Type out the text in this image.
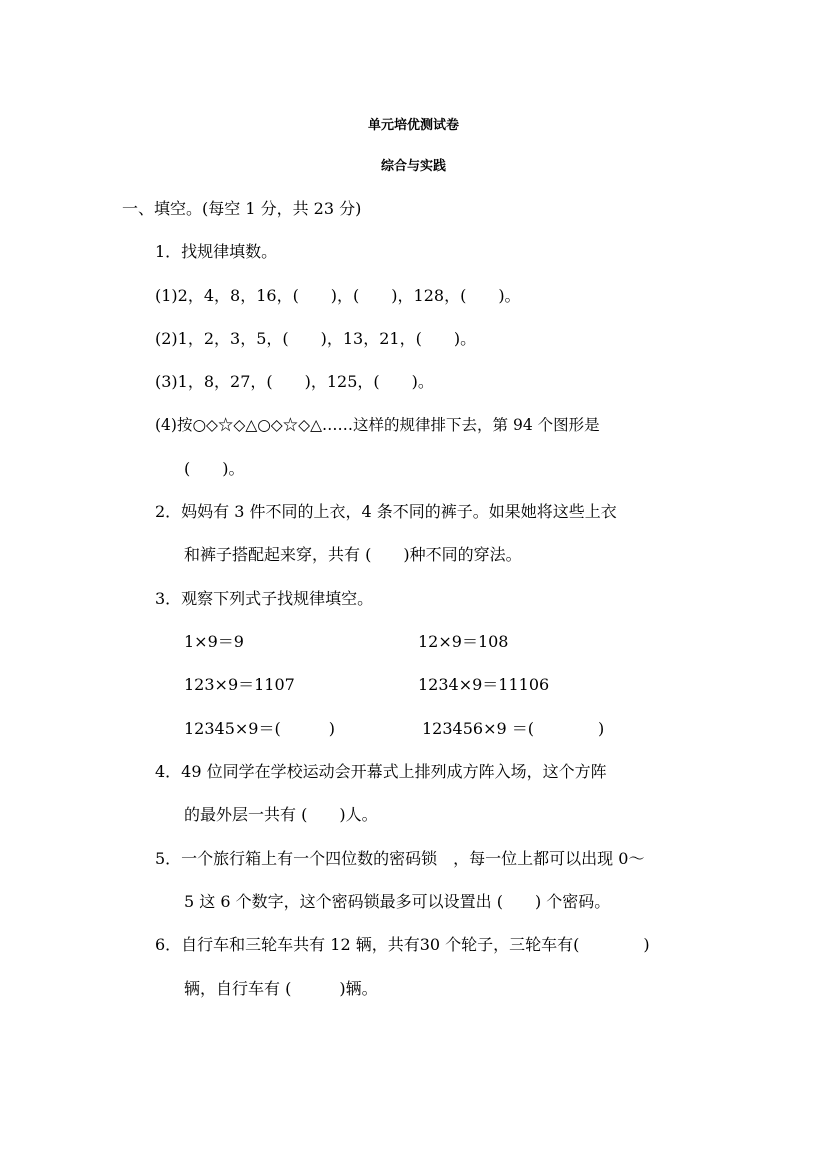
单元培优测试卷
综合与实践
一、填空。(每空 1 分，共 23 分)
1．找规律填数。
(1)2，4，8，16，(　　)，(　　)，128，(　　)。
(2)1，2，3，5，(　　)，13，21，(　　)。
(3)1，8，27，(　　)，125，(　　)。
(4)按○◇☆◇△○◇☆◇△……这样的规律排下去，第 94 个图形是
(　　)。
2．妈妈有 3 件不同的上衣，4 条不同的裤子。如果她将这些上衣
和裤子搭配起来穿，共有 (　　)种不同的穿法。
3．观察下列式子找规律填空。
1×9＝9	12×9＝108
123×9＝1107	1234×9＝11106
12345×9＝(　　　)	123456×9 ＝(　　　　)
4．49 位同学在学校运动会开幕式上排列成方阵入场，这个方阵
的最外层一共有 (　　)人。
5．一个旅行箱上有一个四位数的密码锁　，每一位上都可以出现 0～
5 这 6 个数字，这个密码锁最多可以设置出 (　　) 个密码。
6．自行车和三轮车共有 12 辆，共有30 个轮子，三轮车有(　　　　)
辆，自行车有 (　　　)辆。
